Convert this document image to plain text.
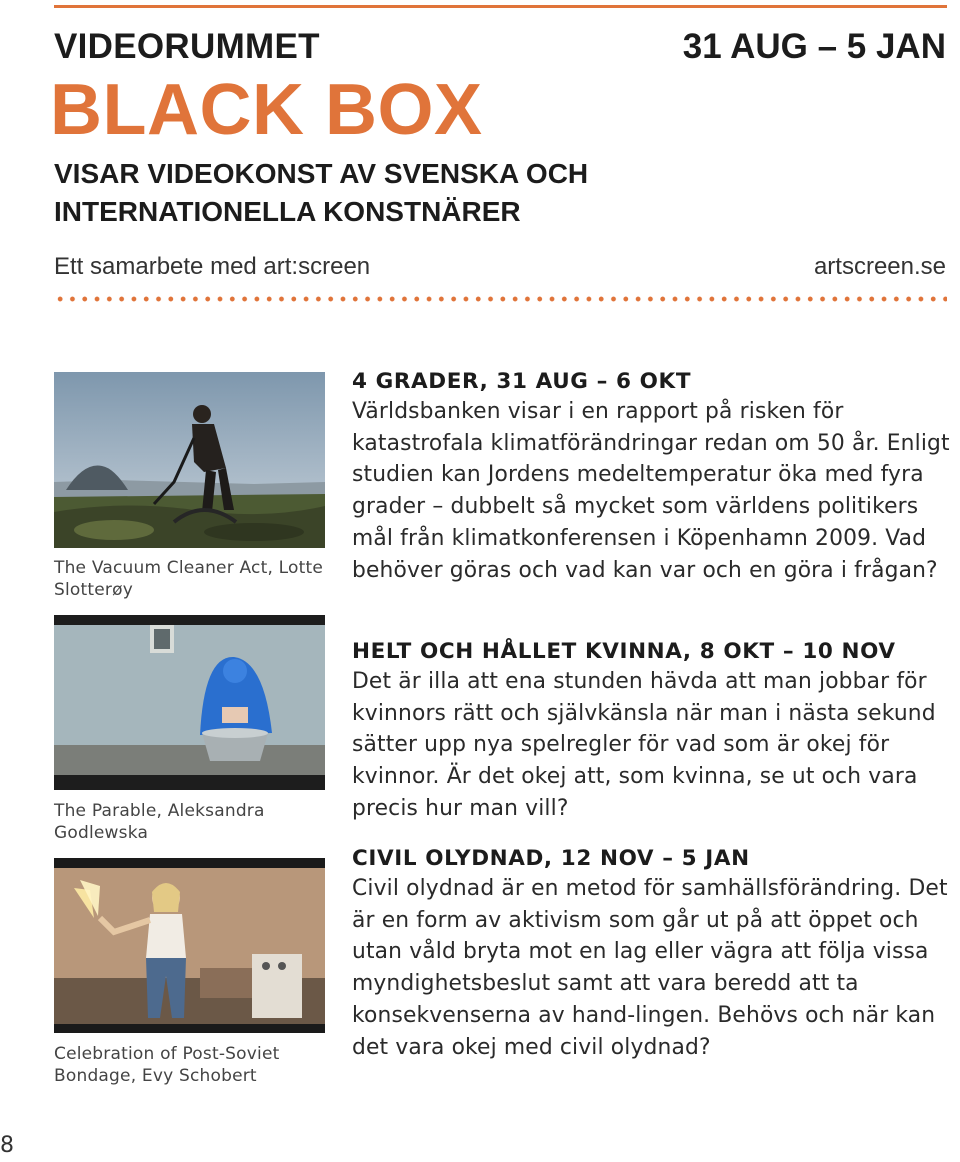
VIDEORUMMET	31 AUG – 5 JAN
BLACK BOX
VISAR VIDEOKONST AV SVENSKA OCH INTERNATIONELLA KONSTNÄRER
Ett samarbete med art:screen	artscreen.se
The Vacuum Cleaner Act, Lotte Slotterøy
The Parable, Aleksandra Godlewska
Celebration of Post-Soviet Bondage, Evy Schobert
4 GRADER, 31 AUG – 6 OKT

Världsbanken visar i en rapport på risken för katastrofala klimatförändringar redan om 50 år. Enligt studien kan Jordens medeltemperatur öka med fyra grader – dubbelt så mycket som världens politikers mål från klimatkonferensen i Köpenhamn 2009. Vad behöver göras och vad kan var och en göra i frågan?

HELT OCH HÅLLET KVINNA, 8 OKT – 10 NOV

Det är illa att ena stunden hävda att man jobbar för kvinnors rätt och självkänsla när man i nästa sekund sätter upp nya spelregler för vad som är okej för kvinnor. Är det okej att, som kvinna, se ut och vara precis hur man vill?

CIVIL OLYDNAD, 12 NOV – 5 JAN

Civil olydnad är en metod för samhällsförändring. Det är en form av aktivism som går ut på att öppet och utan våld bryta mot en lag eller vägra att följa vissa myndighetsbeslut samt att vara beredd att ta konsekvenserna av hand-lingen. Behövs och när kan det vara okej med civil olydnad?

8
